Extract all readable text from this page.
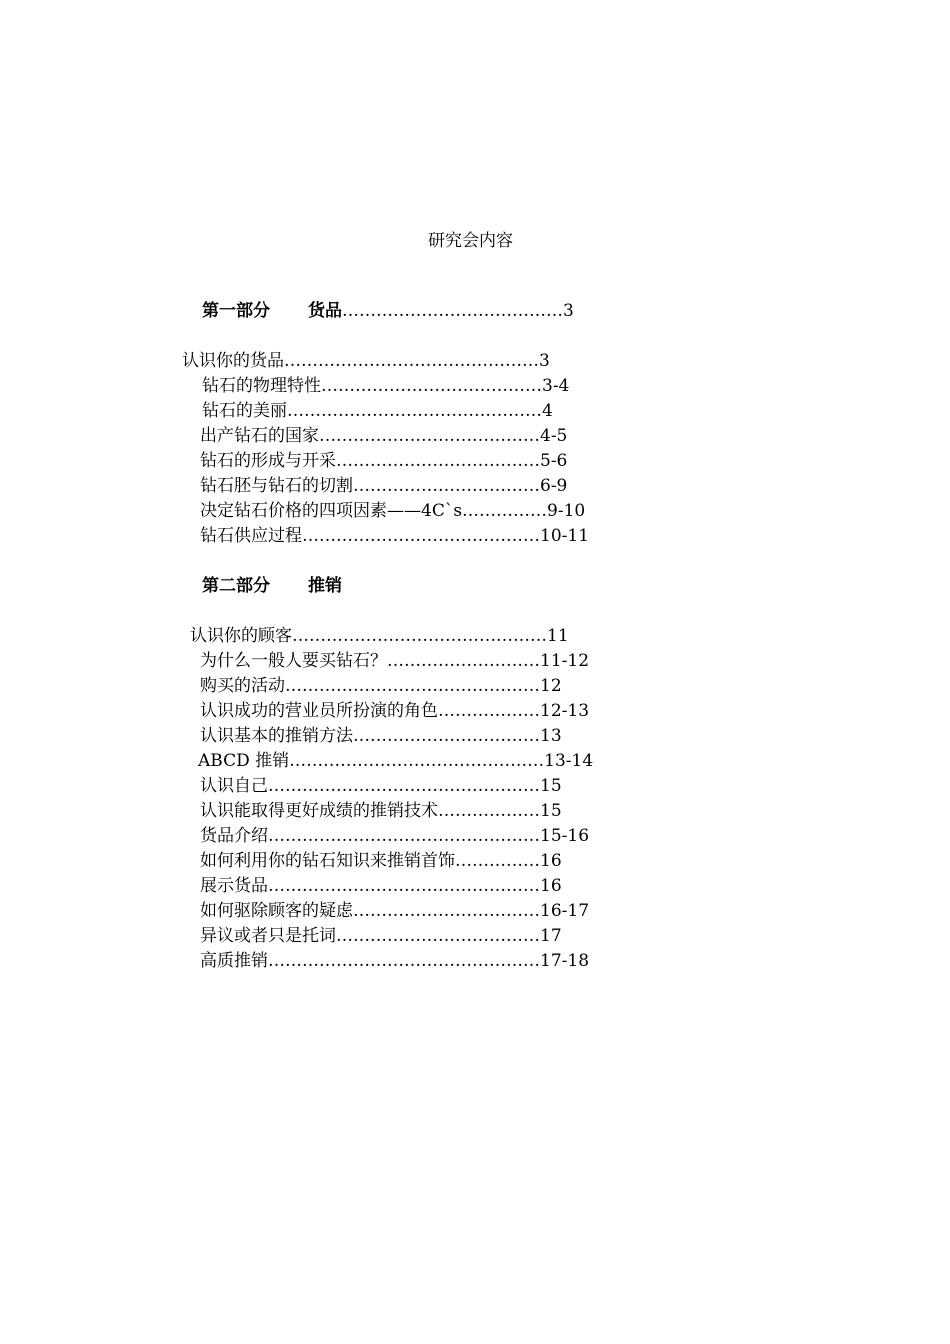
研究会内容
第一部分 货品…………………………………3
认识你的货品………………………………………3
钻石的物理特性…………………………………3-4
钻石的美丽………………………………………4
出产钻石的国家…………………………………4-5
钻石的形成与开采………………………………5-6
钻石胚与钻石的切割……………………………6-9
决定钻石价格的四项因素——4C`s……………9-10
钻石供应过程……………………………………10-11
第二部分 推销
认识你的顾客………………………………………11
为什么一般人要买钻石？………………………11-12
购买的活动………………………………………12
认识成功的营业员所扮演的角色………………12-13
认识基本的推销方法……………………………13
ABCD 推销………………………………………13-14
认识自己…………………………………………15
认识能取得更好成绩的推销技术………………15
货品介绍…………………………………………15-16
如何利用你的钻石知识来推销首饰……………16
展示货品…………………………………………16
如何驱除顾客的疑虑……………………………16-17
异议或者只是托词………………………………17
高质推销…………………………………………17-18
